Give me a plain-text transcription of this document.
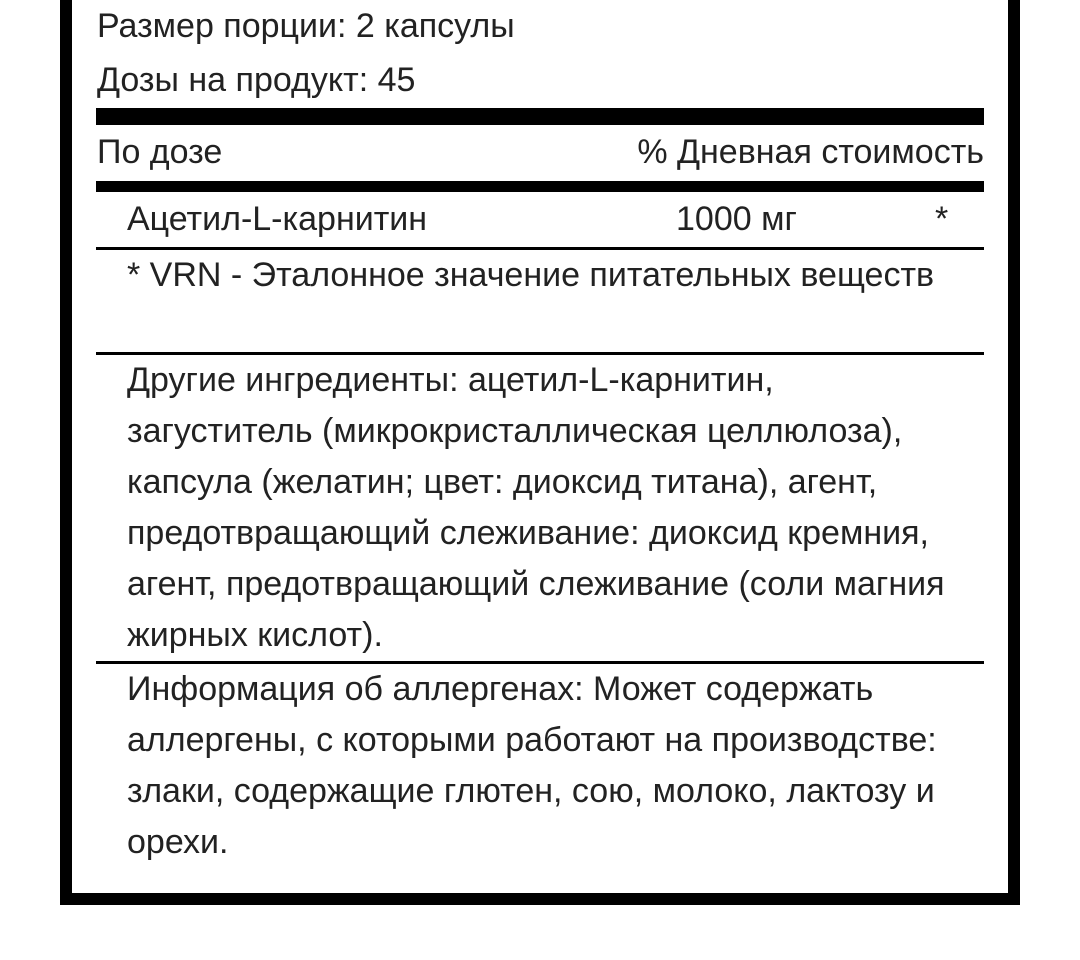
Размер порции: 2 капсулы
Дозы на продукт: 45
По дозе	% Дневная стоимость
Ацетил-L-карнитин	1000 мг	*
* VRN - Эталонное значение питательных веществ
Другие ингредиенты: ацетил-L-карнитин, загуститель (микрокристаллическая целлюлоза), капсула (желатин; цвет: диоксид титана), агент, предотвращающий слеживание: диоксид кремния, агент, предотвращающий слеживание (соли магния жирных кислот).
Информация об аллергенах: Может содержать аллергены, с которыми работают на производстве: злаки, содержащие глютен, сою, молоко, лактозу и орехи.
